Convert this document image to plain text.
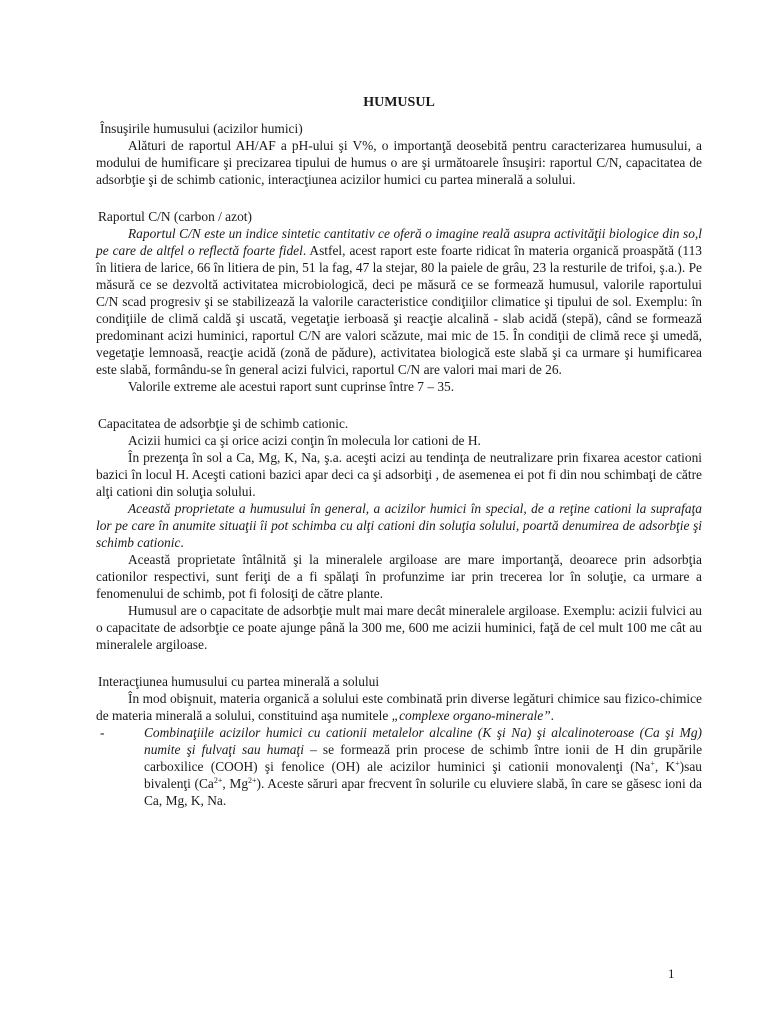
HUMUSUL
Însuşirile humusului (acizilor humici)

Alături de raportul AH/AF a pH-ului şi V%, o importanţă deosebită pentru caracterizarea humusului, a modului de humificare şi precizarea tipului de humus o are şi următoarele însuşiri: raportul C/N, capacitatea de adsorbţie şi de schimb cationic, interacţiunea acizilor humici cu partea minerală a solului.

Raportul C/N (carbon / azot)

Raportul C/N este un indice sintetic cantitativ ce oferă o imagine reală asupra activităţii biologice din so,l pe care de altfel o reflectă foarte fidel. Astfel, acest raport este foarte ridicat în materia organică proaspătă (113 în litiera de larice, 66 în litiera de pin, 51 la fag, 47 la stejar, 80 la paiele de grâu, 23 la resturile de trifoi, ş.a.). Pe măsură ce se dezvoltă activitatea microbiologică, deci pe măsură ce se formează humusul, valorile raportului C/N scad progresiv şi se stabilizează la valorile caracteristice condiţiilor climatice şi tipului de sol. Exemplu: în condiţiile de climă caldă şi uscată, vegetaţie ierboasă şi reacţie alcalină - slab acidă (stepă), când se formează predominant acizi huminici, raportul C/N are valori scăzute, mai mic de 15. În condiţii de climă rece şi umedă, vegetaţie lemnoasă, reacţie acidă (zonă de pădure), activitatea biologică este slabă şi ca urmare şi humificarea este slabă, formându-se în general acizi fulvici, raportul C/N are valori mai mari de 26.

Valorile extreme ale acestui raport sunt cuprinse între 7 – 35.

Capacitatea de adsorbţie şi de schimb cationic.

Acizii humici ca şi orice acizi conţin în molecula lor cationi de H.

În prezenţa în sol a Ca, Mg, K, Na, ş.a. aceşti acizi au tendinţa de neutralizare prin fixarea acestor cationi bazici în locul H. Aceşti cationi bazici apar deci ca şi adsorbiţi , de asemenea ei pot fi din nou schimbaţi de către alţi cationi din soluţia solului.

Această proprietate a humusului în general, a acizilor humici în special, de a reţine cationi la suprafaţa lor pe care în anumite situaţii îi pot schimba cu alţi cationi din soluţia solului, poartă denumirea de adsorbţie şi schimb cationic.

Această proprietate întâlnită şi la mineralele argiloase are mare importanţă, deoarece prin adsorbţia cationilor respectivi, sunt feriţi de a fi spălaţi în profunzime iar prin trecerea lor în soluţie, ca urmare a fenomenului de schimb, pot fi folosiţi de către plante.

Humusul are o capacitate de adsorbţie mult mai mare decât mineralele argiloase. Exemplu: acizii fulvici au o capacitate de adsorbţie ce poate ajunge până la 300 me, 600 me acizii huminici, faţă de cel mult 100 me cât au mineralele argiloase.

Interacţiunea humusului cu partea minerală a solului

În mod obişnuit, materia organică a solului este combinată prin diverse legături chimice sau fizico-chimice de materia minerală a solului, constituind aşa numitele „complexe organo-minerale”.

-	Combinaţiile acizilor humici cu cationii metalelor alcaline (K şi Na) şi alcalinoteroase (Ca şi Mg) numite şi fulvaţi sau humaţi – se formează prin procese de schimb între ionii de H din grupările carboxilice (COOH) şi fenolice (OH) ale acizilor huminici şi cationii monovalenţi (Na+, K+)sau bivalenţi ($Ca^{2+}$, $Mg^{2+}$). Aceste săruri apar frecvent în solurile cu eluviere slabă, în care se găsesc ioni da Ca, Mg, K, Na.
1
